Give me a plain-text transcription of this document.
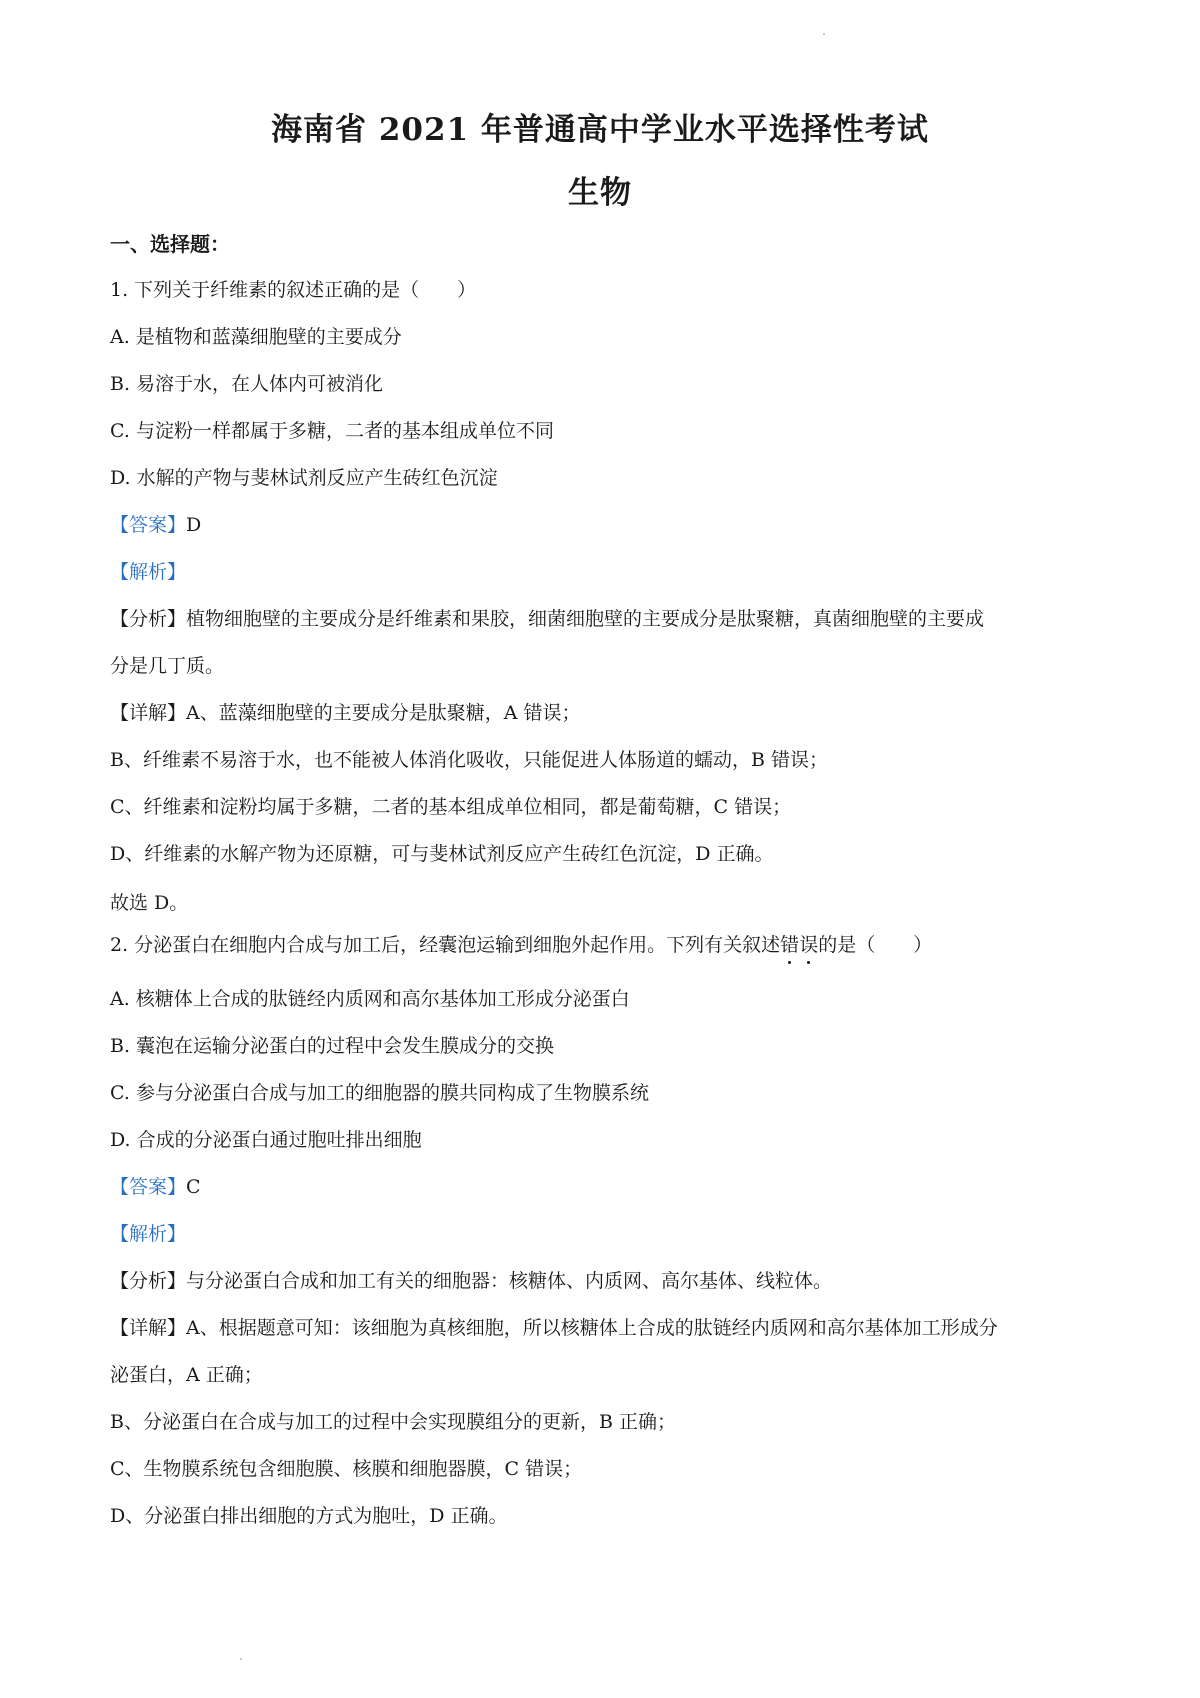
海南省 2021 年普通高中学业水平选择性考试
生物
一、选择题：
1. 下列关于纤维素的叙述正确的是（　　）
A. 是植物和蓝藻细胞壁的主要成分
B. 易溶于水，在人体内可被消化
C. 与淀粉一样都属于多糖，二者的基本组成单位不同
D. 水解的产物与斐林试剂反应产生砖红色沉淀
【答案】D
【解析】
【分析】植物细胞壁的主要成分是纤维素和果胶，细菌细胞壁的主要成分是肽聚糖，真菌细胞壁的主要成
分是几丁质。
【详解】A、蓝藻细胞壁的主要成分是肽聚糖，A 错误；
B、纤维素不易溶于水，也不能被人体消化吸收，只能促进人体肠道的蠕动，B 错误；
C、纤维素和淀粉均属于多糖，二者的基本组成单位相同，都是葡萄糖，C 错误；
D、纤维素的水解产物为还原糖，可与斐林试剂反应产生砖红色沉淀，D 正确。
故选 D。
2. 分泌蛋白在细胞内合成与加工后，经囊泡运输到细胞外起作用。下列有关叙述错误的是（　　）
A. 核糖体上合成的肽链经内质网和高尔基体加工形成分泌蛋白
B. 囊泡在运输分泌蛋白的过程中会发生膜成分的交换
C. 参与分泌蛋白合成与加工的细胞器的膜共同构成了生物膜系统
D. 合成的分泌蛋白通过胞吐排出细胞
【答案】C
【解析】
【分析】与分泌蛋白合成和加工有关的细胞器：核糖体、内质网、高尔基体、线粒体。
【详解】A、根据题意可知：该细胞为真核细胞，所以核糖体上合成的肽链经内质网和高尔基体加工形成分
泌蛋白，A 正确；
B、分泌蛋白在合成与加工的过程中会实现膜组分的更新，B 正确；
C、生物膜系统包含细胞膜、核膜和细胞器膜，C 错误；
D、分泌蛋白排出细胞的方式为胞吐，D 正确。
